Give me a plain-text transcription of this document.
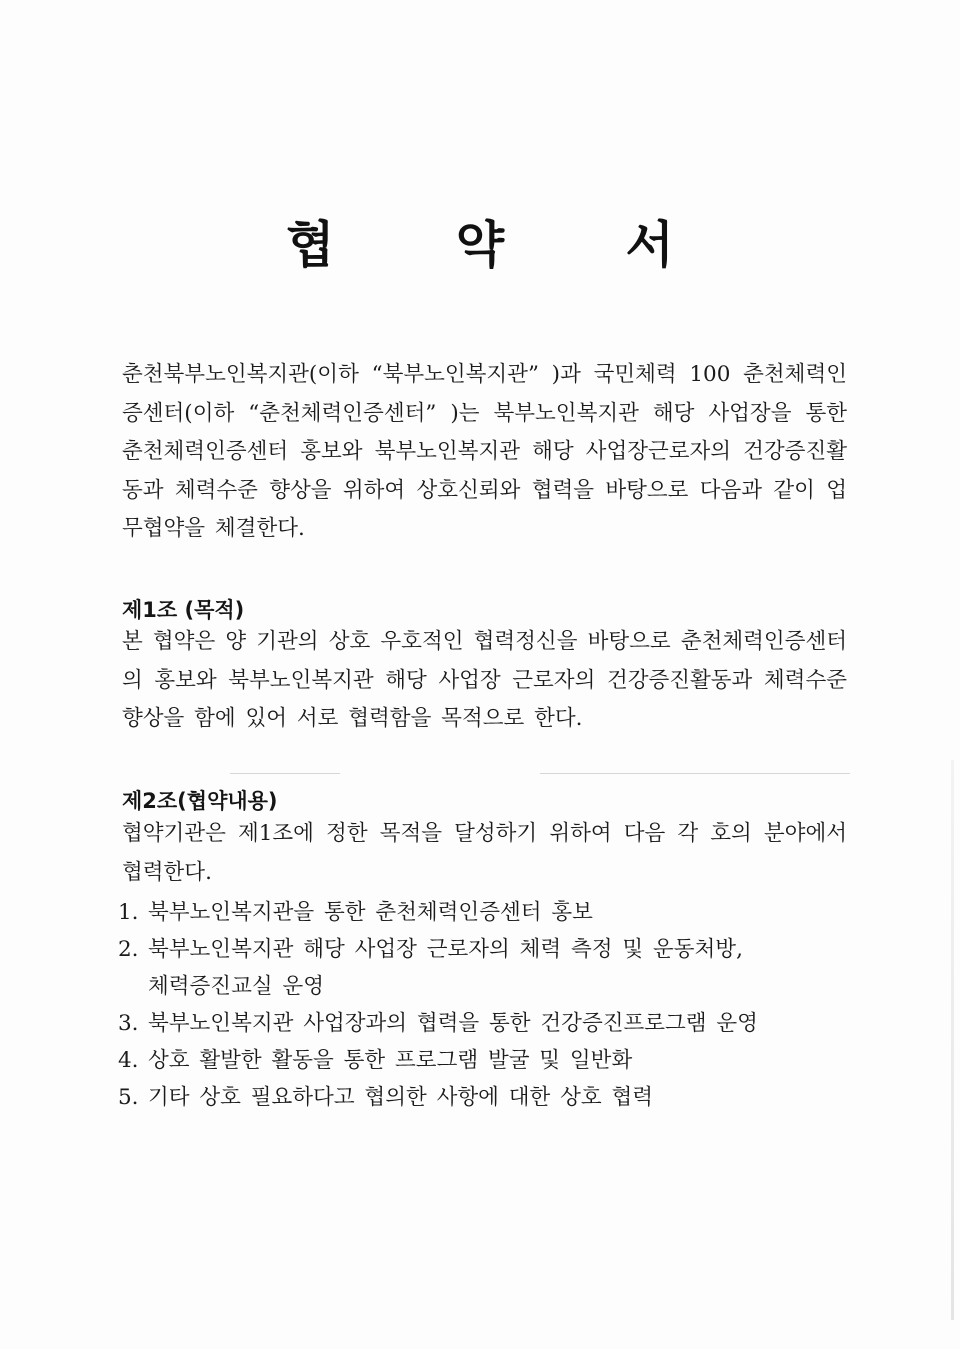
협 약 서
춘천북부노인복지관(이하 “북부노인복지관” )과 국민체력 100 춘천체력인증센터(이하 “춘천체력인증센터” )는 북부노인복지관 해당 사업장을 통한 춘천체력인증센터 홍보와 북부노인복지관 해당 사업장근로자의 건강증진활동과 체력수준 향상을 위하여 상호신뢰와 협력을 바탕으로 다음과 같이 업무협약을 체결한다.
제1조 (목적)
본 협약은 양 기관의 상호 우호적인 협력정신을 바탕으로 춘천체력인증센터의 홍보와 북부노인복지관 해당 사업장 근로자의 건강증진활동과 체력수준 향상을 함에 있어 서로 협력함을 목적으로 한다.
제2조(협약내용)
협약기관은 제1조에 정한 목적을 달성하기 위하여 다음 각 호의 분야에서 협력한다.
1. 북부노인복지관을 통한 춘천체력인증센터 홍보
2. 북부노인복지관 해당 사업장 근로자의 체력 측정 및 운동처방,
체력증진교실 운영
3. 북부노인복지관 사업장과의 협력을 통한 건강증진프로그램 운영
4. 상호 활발한 활동을 통한 프로그램 발굴 및 일반화
5. 기타 상호 필요하다고 협의한 사항에 대한 상호 협력
